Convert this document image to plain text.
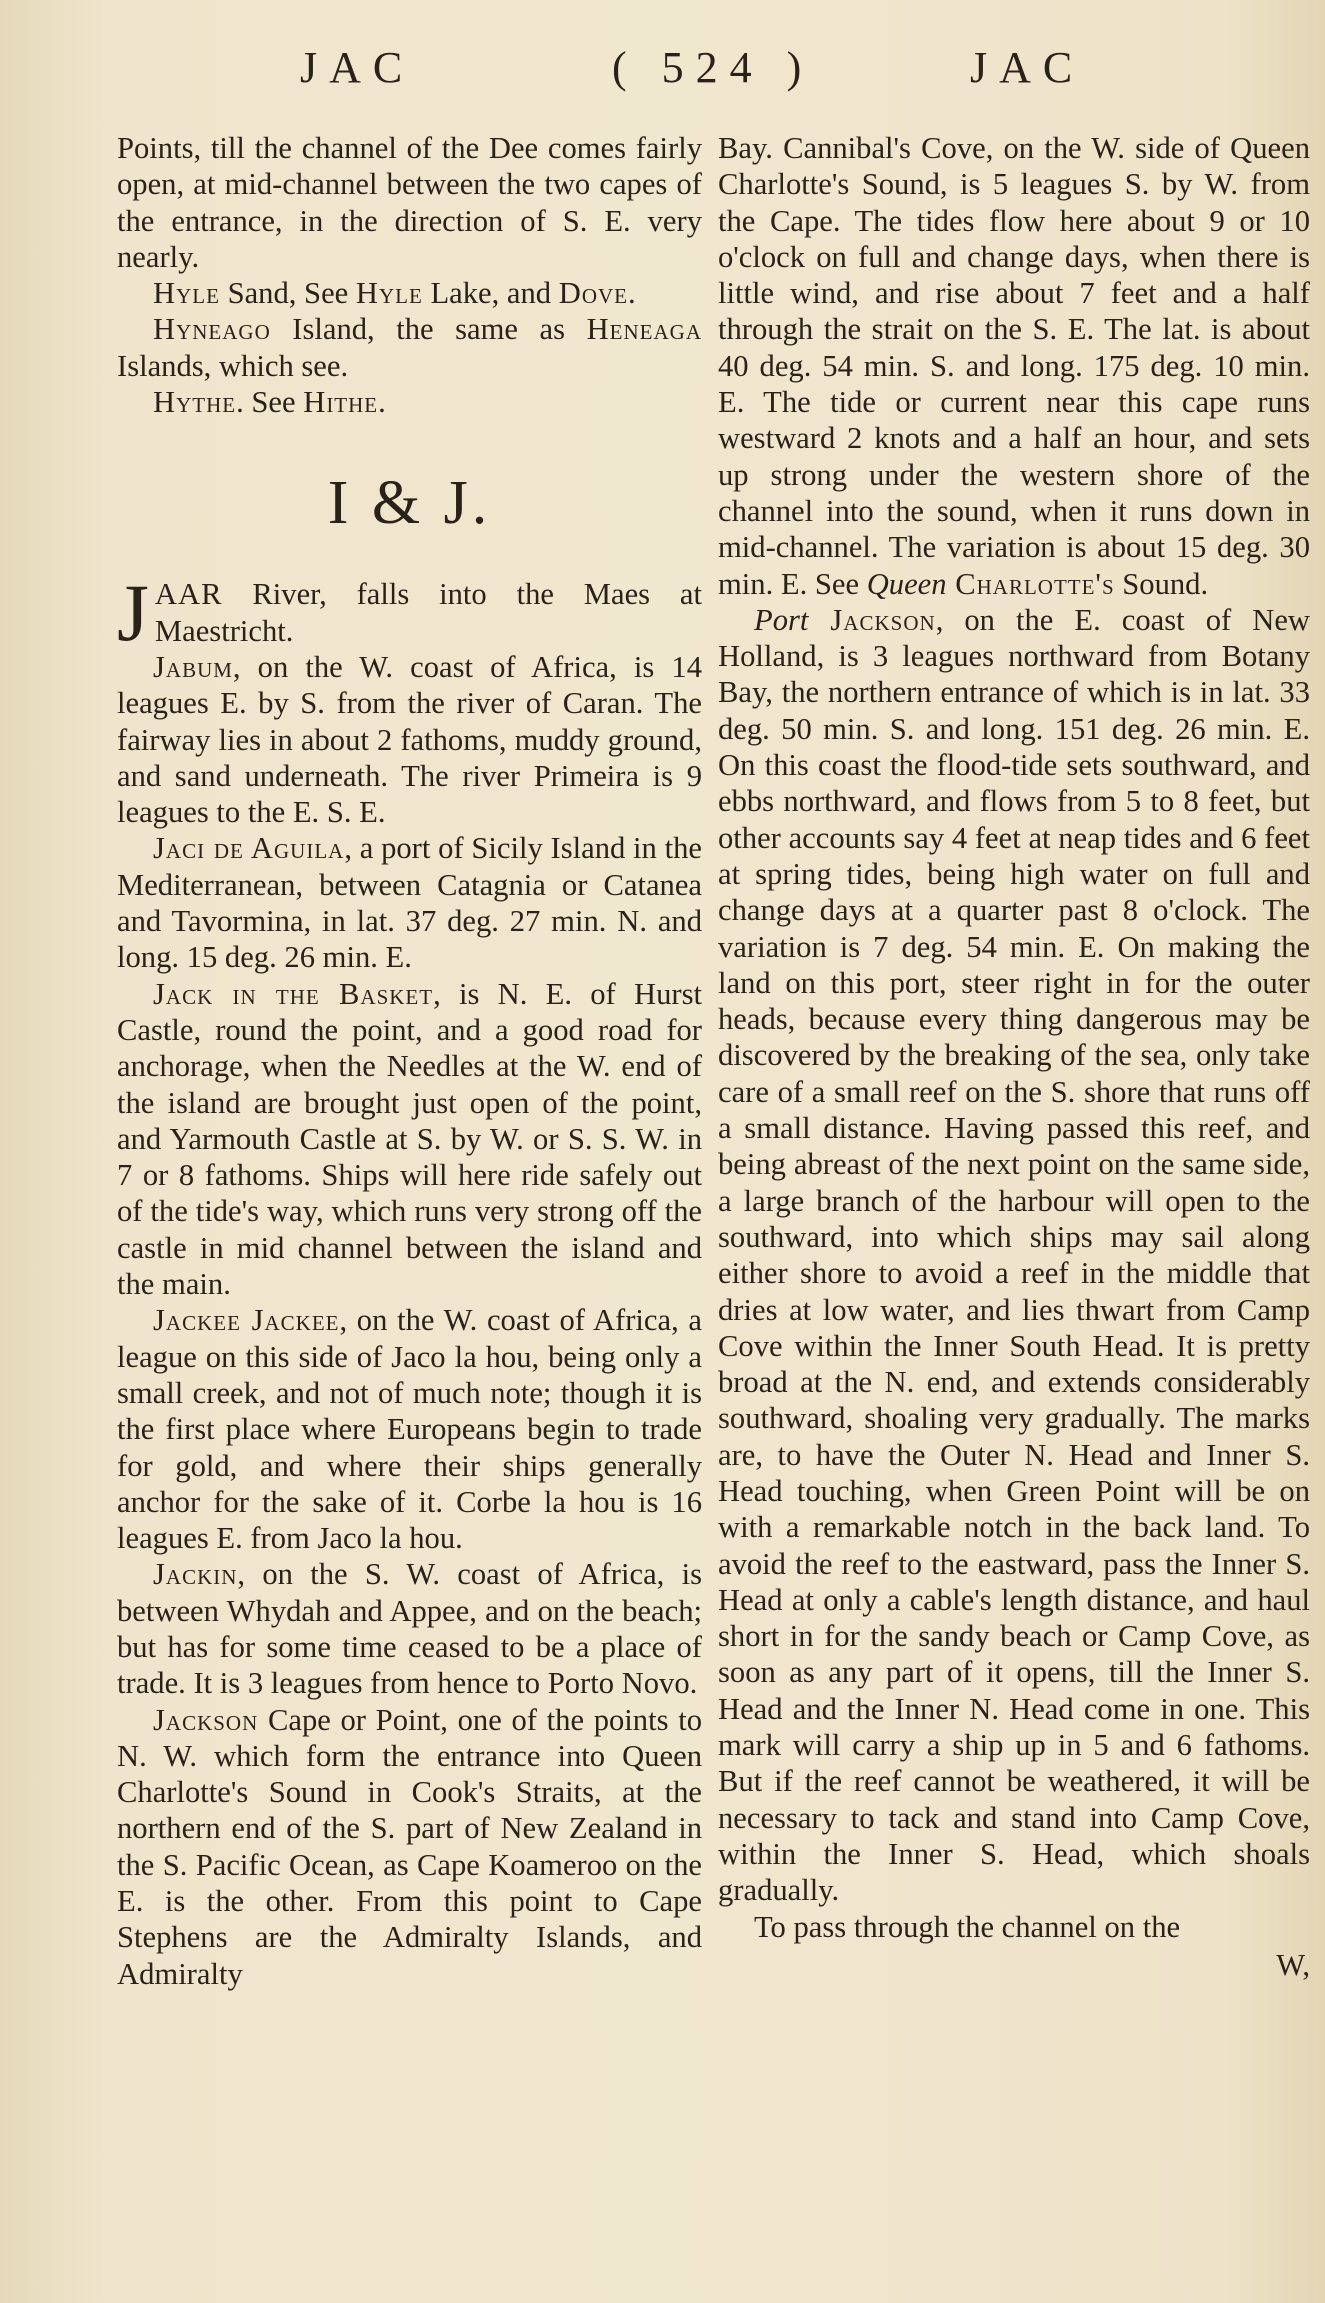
JAC	( 524 )	JAC

Points, till the channel of the Dee comes fairly open, at mid-channel between the two capes of the entrance, in the direction of S. E. very nearly.

Hyle Sand, See Hyle Lake, and Dove.

Hyneago Island, the same as Heneaga Islands, which see.

Hythe. See Hithe.

I & J.

JAAR River, falls into the Maes at Maestricht.

Jabum, on the W. coast of Africa, is 14 leagues E. by S. from the river of Caran. The fairway lies in about 2 fathoms, muddy ground, and sand underneath. The river Primeira is 9 leagues to the E. S. E.

Jaci de Aguila, a port of Sicily Island in the Mediterranean, between Catagnia or Catanea and Tavormina, in lat. 37 deg. 27 min. N. and long. 15 deg. 26 min. E.

Jack in the Basket, is N. E. of Hurst Castle, round the point, and a good road for anchorage, when the Needles at the W. end of the island are brought just open of the point, and Yarmouth Castle at S. by W. or S. S. W. in 7 or 8 fathoms. Ships will here ride safely out of the tide's way, which runs very strong off the castle in mid channel between the island and the main.

Jackee Jackee, on the W. coast of Africa, a league on this side of Jaco la hou, being only a small creek, and not of much note; though it is the first place where Europeans begin to trade for gold, and where their ships generally anchor for the sake of it. Corbe la hou is 16 leagues E. from Jaco la hou.

Jackin, on the S. W. coast of Africa, is between Whydah and Appee, and on the beach; but has for some time ceased to be a place of trade. It is 3 leagues from hence to Porto Novo.

Jackson Cape or Point, one of the points to N. W. which form the entrance into Queen Charlotte's Sound in Cook's Straits, at the northern end of the S. part of New Zealand in the S. Pacific Ocean, as Cape Koameroo on the E. is the other. From this point to Cape Stephens are the Admiralty Islands, and Admiralty

Bay. Cannibal's Cove, on the W. side of Queen Charlotte's Sound, is 5 leagues S. by W. from the Cape. The tides flow here about 9 or 10 o'clock on full and change days, when there is little wind, and rise about 7 feet and a half through the strait on the S. E. The lat. is about 40 deg. 54 min. S. and long. 175 deg. 10 min. E. The tide or current near this cape runs westward 2 knots and a half an hour, and sets up strong under the western shore of the channel into the sound, when it runs down in mid-channel. The variation is about 15 deg. 30 min. E. See Queen Charlotte's Sound.

Port Jackson, on the E. coast of New Holland, is 3 leagues northward from Botany Bay, the northern entrance of which is in lat. 33 deg. 50 min. S. and long. 151 deg. 26 min. E. On this coast the flood-tide sets southward, and ebbs northward, and flows from 5 to 8 feet, but other accounts say 4 feet at neap tides and 6 feet at spring tides, being high water on full and change days at a quarter past 8 o'clock. The variation is 7 deg. 54 min. E. On making the land on this port, steer right in for the outer heads, because every thing dangerous may be discovered by the breaking of the sea, only take care of a small reef on the S. shore that runs off a small distance. Having passed this reef, and being abreast of the next point on the same side, a large branch of the harbour will open to the southward, into which ships may sail along either shore to avoid a reef in the middle that dries at low water, and lies thwart from Camp Cove within the Inner South Head. It is pretty broad at the N. end, and extends considerably southward, shoaling very gradually. The marks are, to have the Outer N. Head and Inner S. Head touching, when Green Point will be on with a remarkable notch in the back land. To avoid the reef to the eastward, pass the Inner S. Head at only a cable's length distance, and haul short in for the sandy beach or Camp Cove, as soon as any part of it opens, till the Inner S. Head and the Inner N. Head come in one. This mark will carry a ship up in 5 and 6 fathoms. But if the reef cannot be weathered, it will be necessary to tack and stand into Camp Cove, within the Inner S. Head, which shoals gradually.

To pass through the channel on the
W,
